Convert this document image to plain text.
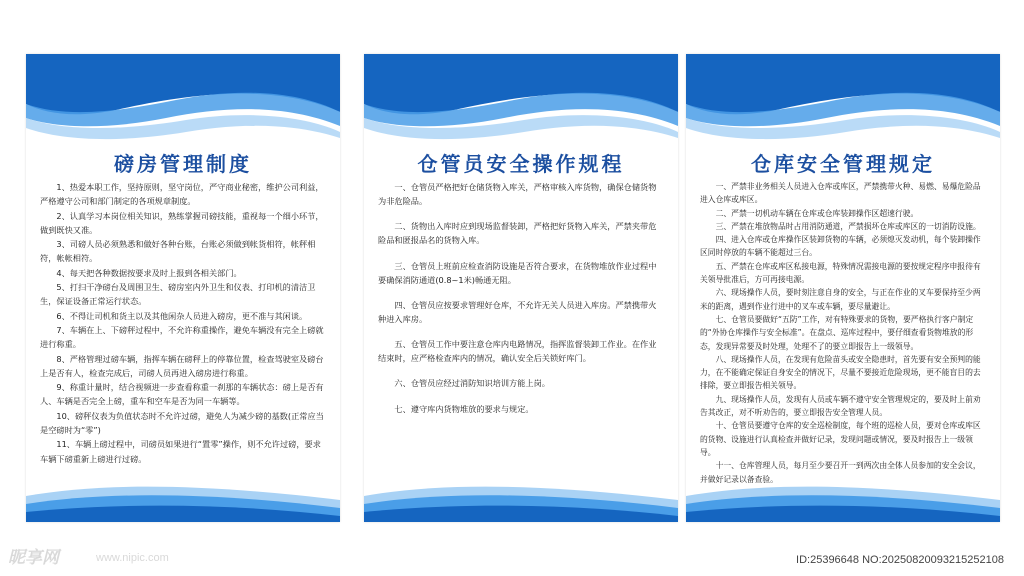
磅房管理制度

1、热爱本职工作，坚持原则，坚守岗位，严守商业秘密，维护公司利益，严格遵守公司和部门制定的各项规章制度。

2、认真学习本岗位相关知识，熟练掌握司磅技能，重视每一个细小环节，做到既快又准。

3、司磅人员必须熟悉和做好各种台账，台账必须做到帐货相符，帐秤相符，帐帐相符。

4、每天把各种数据按要求及时上报到各相关部门。

5、打扫干净磅台及周围卫生、磅房室内外卫生和仪表、打印机的清洁卫生，保证设备正常运行状态。

6、不得让司机和货主以及其他闲杂人员进入磅房，更不准与其闲谈。

7、车辆在上、下磅秤过程中，不允许称重操作，避免车辆没有完全上磅就进行称重。

8、严格管理过磅车辆，指挥车辆在磅秤上的停靠位置，检查驾驶室及磅台上是否有人，检查完成后，司磅人员再进入磅房进行称重。

9、称重计量时，结合视频进一步查看称重一刹那的车辆状态：磅上是否有人、车辆是否完全上磅，重车和空车是否为同一车辆等。

10、磅秤仪表为负值状态时不允许过磅，避免人为减少磅的基数(正常应当是空磅时为“零”)

11、车辆上磅过程中，司磅员如果进行“置零”操作，则不允许过磅，要求车辆下磅重新上磅进行过磅。

仓管员安全操作规程

一、仓管员严格把好仓储货物入库关，严格审核入库货物，确保仓储货物为非危险品。

二、货物出入库时应到现场监督装卸，严格把好货物入库关，严禁夹带危险品和匿报品名的货物入库。

三、仓管员上班前应检查消防设施是否符合要求，在货物堆放作业过程中要确保消防通道(0.8~1米)畅通无阻。

四、仓管员应按要求管理好仓库，不允许无关人员进入库房。严禁携带火种进入库房。

五、仓管员工作中要注意仓库内电路情况，指挥监督装卸工作业。在作业结束时，应严格检查库内的情况，确认安全后关锁好库门。

六、仓管员应经过消防知识培训方能上岗。

七、遵守库内货物堆放的要求与规定。

仓库安全管理规定

一、严禁非业务相关人员进入仓库或库区，严禁携带火种、易燃、易爆危险品进入仓库或库区。

二、严禁一切机动车辆在仓库或仓库装卸操作区超速行驶。

三、严禁在堆放物品时占用消防通道，严禁损坏仓库或库区的一切消防设施。

四、进入仓库或仓库操作区装卸货物的车辆，必须熄灭发动机，每个装卸操作区同时停放的车辆不能超过三台。

五、严禁在仓库或库区私接电源，特殊情况需接电源的要按规定程序申报待有关领导批准后，方可再接电源。

六、现场操作人员，要时刻注意自身的安全，与正在作业的叉车要保持至少两米的距离，遇到作业行进中的叉车或车辆，要尽量避让。

七、仓管员要做好“五防”工作，对有特殊要求的货物，要严格执行客户制定的“外协仓库操作与安全标准”。在盘点、巡库过程中，要仔细查看货物堆放的形态，发现异常要及时处理，处理不了的要立即报告上一级领导。

八、现场操作人员，在发现有危险苗头或安全隐患时，首先要有安全预判的能力，在不能确定保证自身安全的情况下，尽量不要接近危险现场，更不能盲目的去排除，要立即报告相关领导。

九、现场操作人员，发现有人员或车辆不遵守安全管理规定的，要及时上前劝告其改正，对不听劝告的，要立即报告安全管理人员。

十、仓管员要遵守仓库的安全巡检制度，每个班的巡检人员，要对仓库或库区的货物、设施进行认真检查并做好记录，发现问题或情况，要及时报告上一级领导。

十一、仓库管理人员，每月至少要召开一到两次由全体人员参加的安全会议，并做好记录以备查验。

昵享网	www.nipic.com	ID:25396648 NO:20250820093215252108
